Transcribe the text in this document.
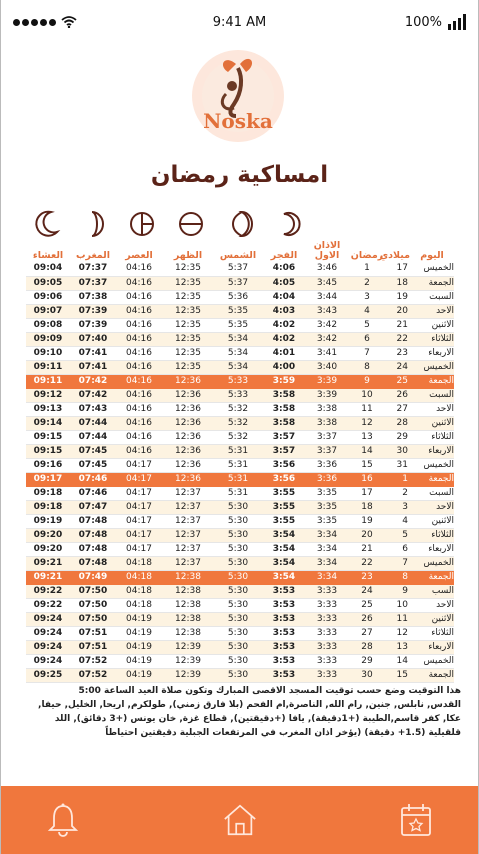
9:41 AM	100%
Noska
امساكية رمضان
اليوم	ميلادي	رمضان	الاذان الاول	الفجر	الشمس	الظهر	العصر	المغرب	العشاء
الخميس	17	1	3:46	4:06	5:37	12:35	04:16	07:37	09:04
الجمعة	18	2	3:45	4:05	5:37	12:35	04:16	07:37	09:05
السبت	19	3	3:44	4:04	5:36	12:35	04:16	07:38	09:06
الاحد	20	4	3:43	4:03	5:35	12:35	04:16	07:39	09:07
الاثنين	21	5	3:42	4:02	5:35	12:35	04:16	07:39	09:08
الثلاثاء	22	6	3:42	4:02	5:34	12:35	04:16	07:40	09:09
الاربعاء	23	7	3:41	4:01	5:34	12:35	04:16	07:41	09:10
الخميس	24	8	3:40	4:00	5:34	12:35	04:16	07:41	09:11
الجمعة	25	9	3:39	3:59	5:33	12:36	04:16	07:42	09:11
السبت	26	10	3:39	3:58	5:33	12:36	04:16	07:42	09:12
الاحد	27	11	3:38	3:58	5:32	12:36	04:16	07:43	09:13
الاثنين	28	12	3:38	3:58	5:32	12:36	04:16	07:44	09:14
الثلاثاء	29	13	3:37	3:57	5:32	12:36	04:16	07:44	09:15
الاربعاء	30	14	3:37	3:57	5:31	12:36	04:16	07:45	09:15
الخميس	31	15	3:36	3:56	5:31	12:36	04:17	07:45	09:16
الجمعة	1	16	3:36	3:56	5:31	12:36	04:17	07:46	09:17
السبت	2	17	3:35	3:55	5:31	12:37	04:17	07:46	09:18
الاحد	3	18	3:35	3:55	5:30	12:37	04:17	07:47	09:18
الاثنين	4	19	3:35	3:55	5:30	12:37	04:17	07:48	09:19
الثلاثاء	5	20	3:34	3:54	5:30	12:37	04:17	07:48	09:20
الاربعاء	6	21	3:34	3:54	5:30	12:37	04:17	07:48	09:20
الخميس	7	22	3:34	3:54	5:30	12:37	04:18	07:48	09:21
الجمعة	8	23	3:34	3:54	5:30	12:38	04:18	07:49	09:21
السب	9	24	3:33	3:53	5:30	12:38	04:18	07:50	09:22
الاحد	10	25	3:33	3:53	5:30	12:38	04:18	07:50	09:22
الاثنين	11	26	3:33	3:53	5:30	12:38	04:19	07:50	09:24
الثلاثاء	12	27	3:33	3:53	5:30	12:38	04:19	07:51	09:24
الاربعاء	13	28	3:33	3:53	5:30	12:39	04:19	07:51	09:24
الخميس	14	29	3:33	3:53	5:30	12:39	04:19	07:52	09:24
الجمعة	15	30	3:33	3:53	5:30	12:39	04:19	07:52	09:25

هذا التوقيت وضع حسب توقيت المسجد الاقصى المبارك وتكون صلاة العيد الساعة 5:00

القدس, نابلس, جنين, رام الله, الناصرة,ام الفحم (بلا فارق زمني), طولكرم, اريحا, الخليل, حيفا,

عكا, كفر قاسم,الطيبة (+1دقيقة), يافا (+دقيقتين), قطاع غزة, خان يونس (+3 دقائق), اللد

قلقيلية (1.5+ دقيقة) (يؤخر اذان المغرب في المرتفعات الجبلية دقيقتين احتياطاً
